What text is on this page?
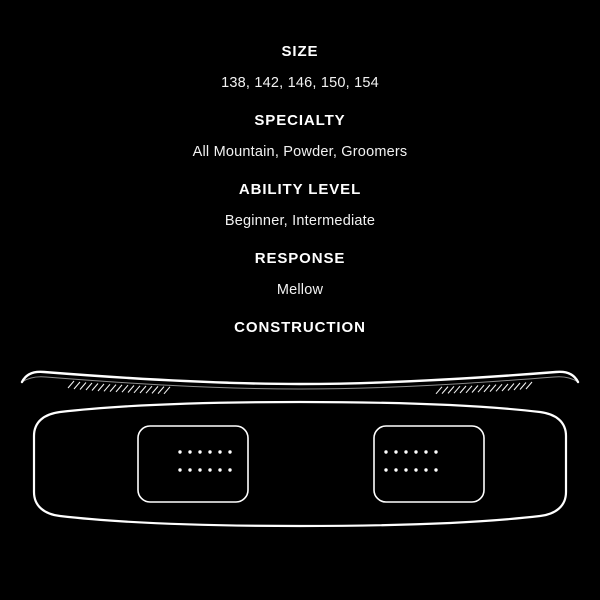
SIZE
138, 142, 146, 150, 154
SPECIALTY
All Mountain, Powder, Groomers
ABILITY LEVEL
Beginner, Intermediate
RESPONSE
Mellow
CONSTRUCTION
